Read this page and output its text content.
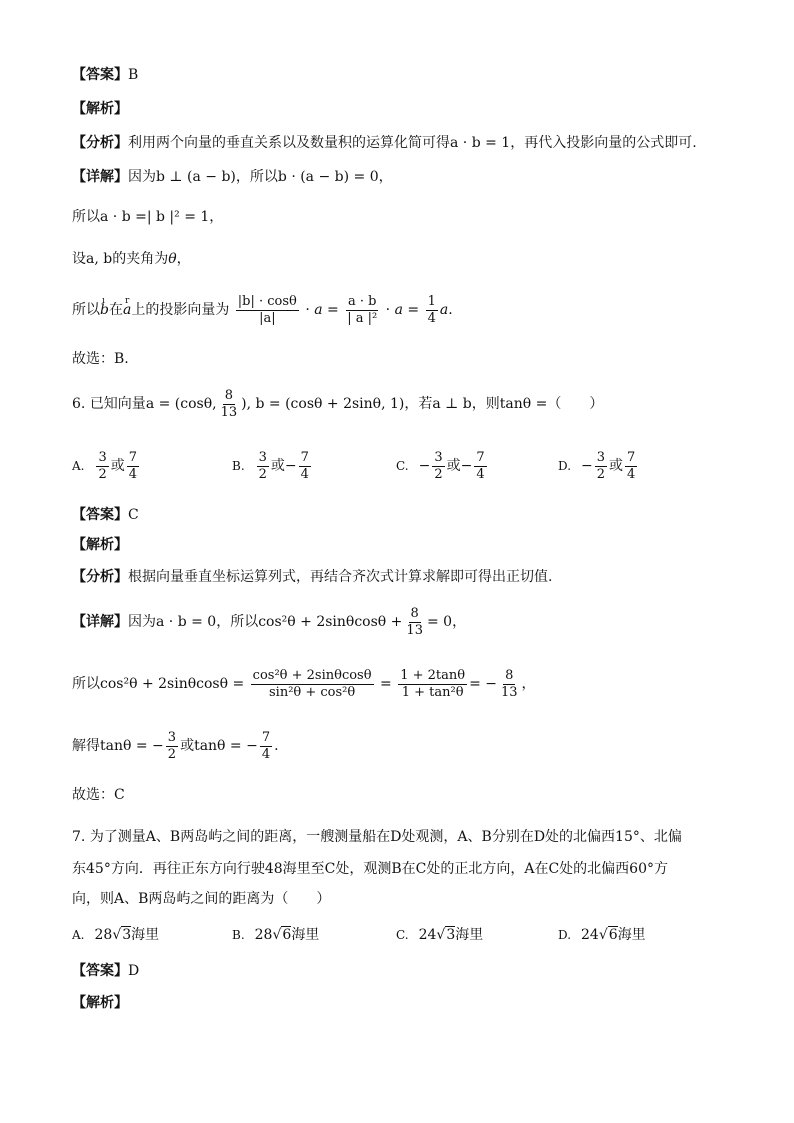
【答案】B
【解析】
【分析】利用两个向量的垂直关系以及数量积的运算化简可得a · b = 1，再代入投影向量的公式即可.
【详解】因为b ⊥ (a − b)，所以b · (a − b) = 0，
所以a · b =| b |² = 1，
设a, b的夹角为θ，
所以ı b在r a上的投影向量为 $\frac{|b| \cdot \cos\theta}{|a|} \cdot a = \frac{a \cdot b}{\text{| a |²}} \cdot a = \frac{1}{4} a$.
故选：B.
6. 已知向量a = (cosθ, $\frac{8}{13}$ ), b = (cosθ + 2sinθ, 1)，若a ⊥ b，则tanθ =（　　）
A. $\frac{3}{2}$ 或 $\frac{7}{4}$	B. $\frac{3}{2}$ 或− $\frac{7}{4}$	C. − $\frac{3}{2}$ 或− $\frac{7}{4}$	D. − $\frac{3}{2}$ 或 $\frac{7}{4}$
【答案】C
【解析】
【分析】根据向量垂直坐标运算列式，再结合齐次式计算求解即可得出正切值.
【详解】因为a · b = 0，所以$\cos^2\theta + 2\sin\theta\cos\theta + \frac{8}{13} = 0$，
所以$\cos^2\theta + 2\sin\theta\cos\theta = \frac{\text{cos²θ + 2sinθcosθ}}{\text{sin²θ + cos²θ}} = \frac{1 + 2\tan\theta}{\text{1 + tan²θ}}$ = − $\frac{8}{13}$ ，
解得tanθ = − $\frac{3}{2}$ 或tanθ = − $\frac{7}{4}$ .
故选：C
7. 为了测量A、B两岛屿之间的距离，一艘测量船在D处观测，A、B分别在D处的北偏西15°、北偏
东45°方向．再往正东方向行驶48海里至C处，观测B在C处的正北方向，A在C处的北偏西60°方
向，则A、B两岛屿之间的距离为（　　）
A. 28√3海里	B. 28√6海里	C. 24√3海里	D. 24√6海里
【答案】D
【解析】
